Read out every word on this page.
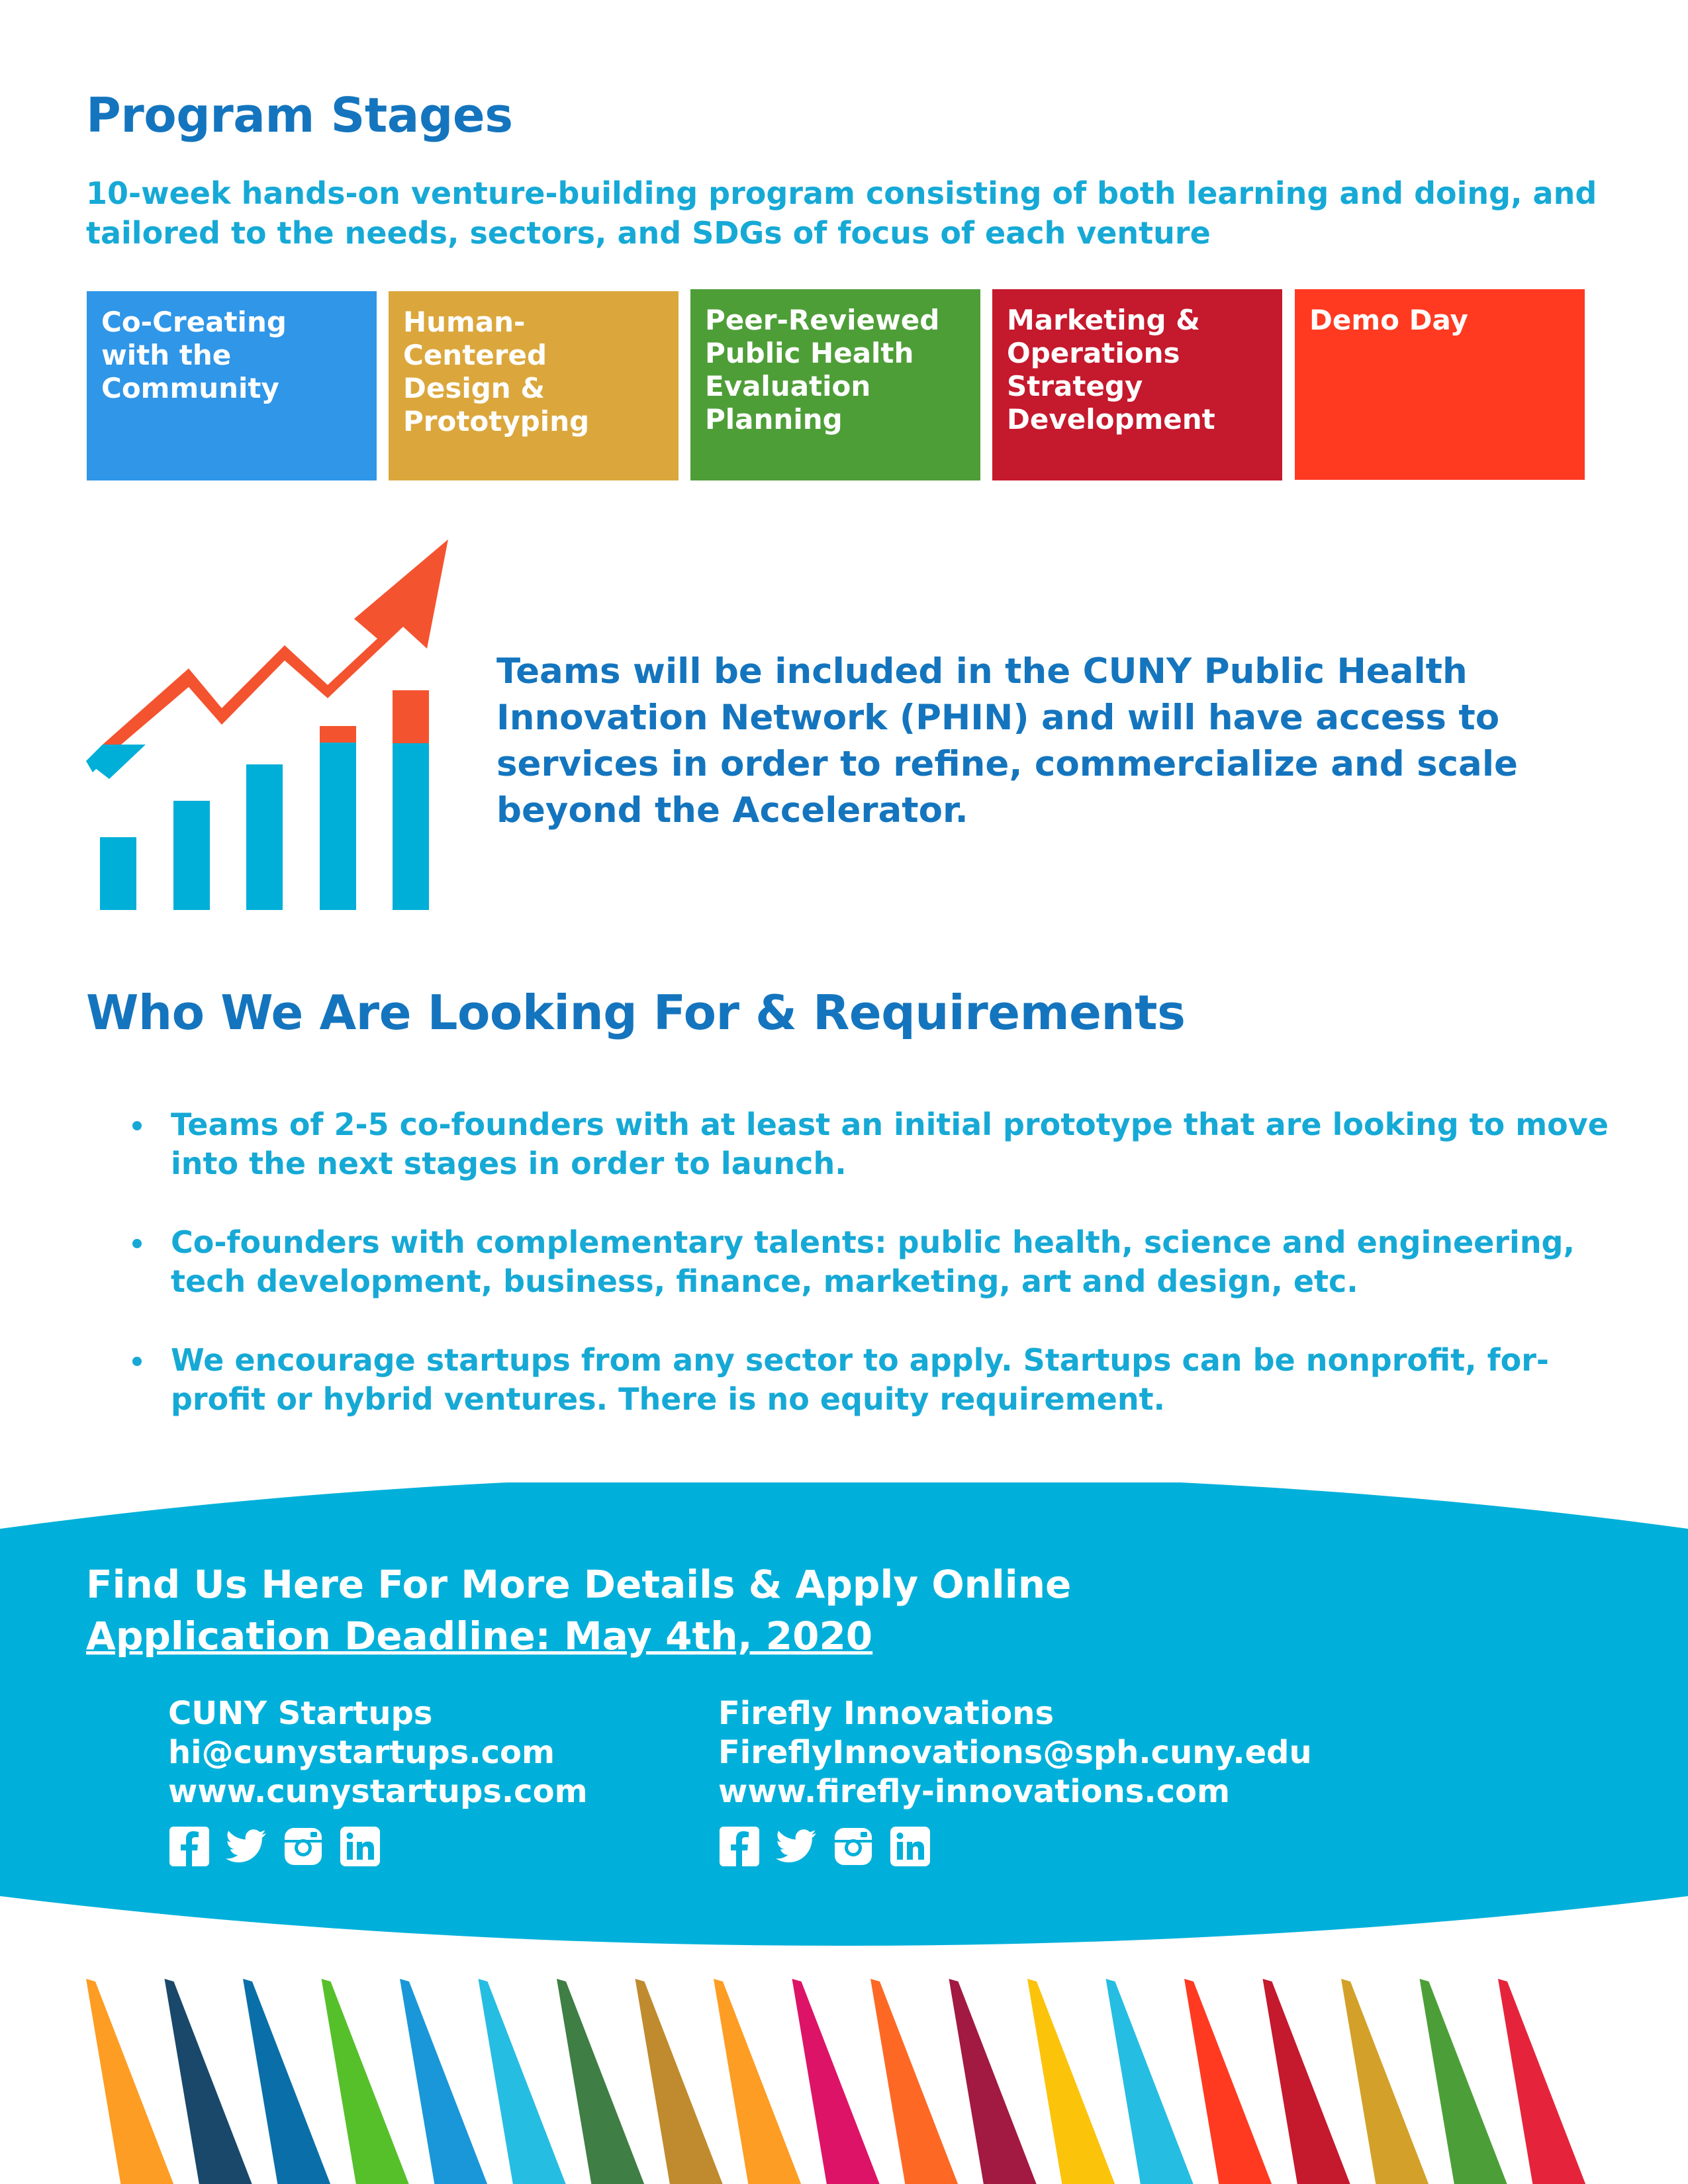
Program Stages
10-week hands-on venture-building program consisting of both learning and doing, and tailored to the needs, sectors, and SDGs of focus of each venture
Co-Creating with the Community
Human-Centered Design & Prototyping
Peer-Reviewed Public Health Evaluation Planning
Marketing & Operations Strategy Development
Demo Day
Teams will be included in the CUNY Public Health Innovation Network (PHIN) and will have access to services in order to refine, commercialize and scale beyond the Accelerator.
Who We Are Looking For & Requirements
Teams of 2-5 co-founders with at least an initial prototype that are looking to move into the next stages in order to launch.
Co-founders with complementary talents: public health, science and engineering, tech development, business, finance, marketing, art and design, etc.
We encourage startups from any sector to apply. Startups can be nonprofit, for-profit or hybrid ventures. There is no equity requirement.
Find Us Here For More Details & Apply Online
Application Deadline: May 4th, 2020
CUNY Startups
hi@cunystartups.com
www.cunystartups.com
Firefly Innovations
FireflyInnovations@sph.cuny.edu
www.firefly-innovations.com
